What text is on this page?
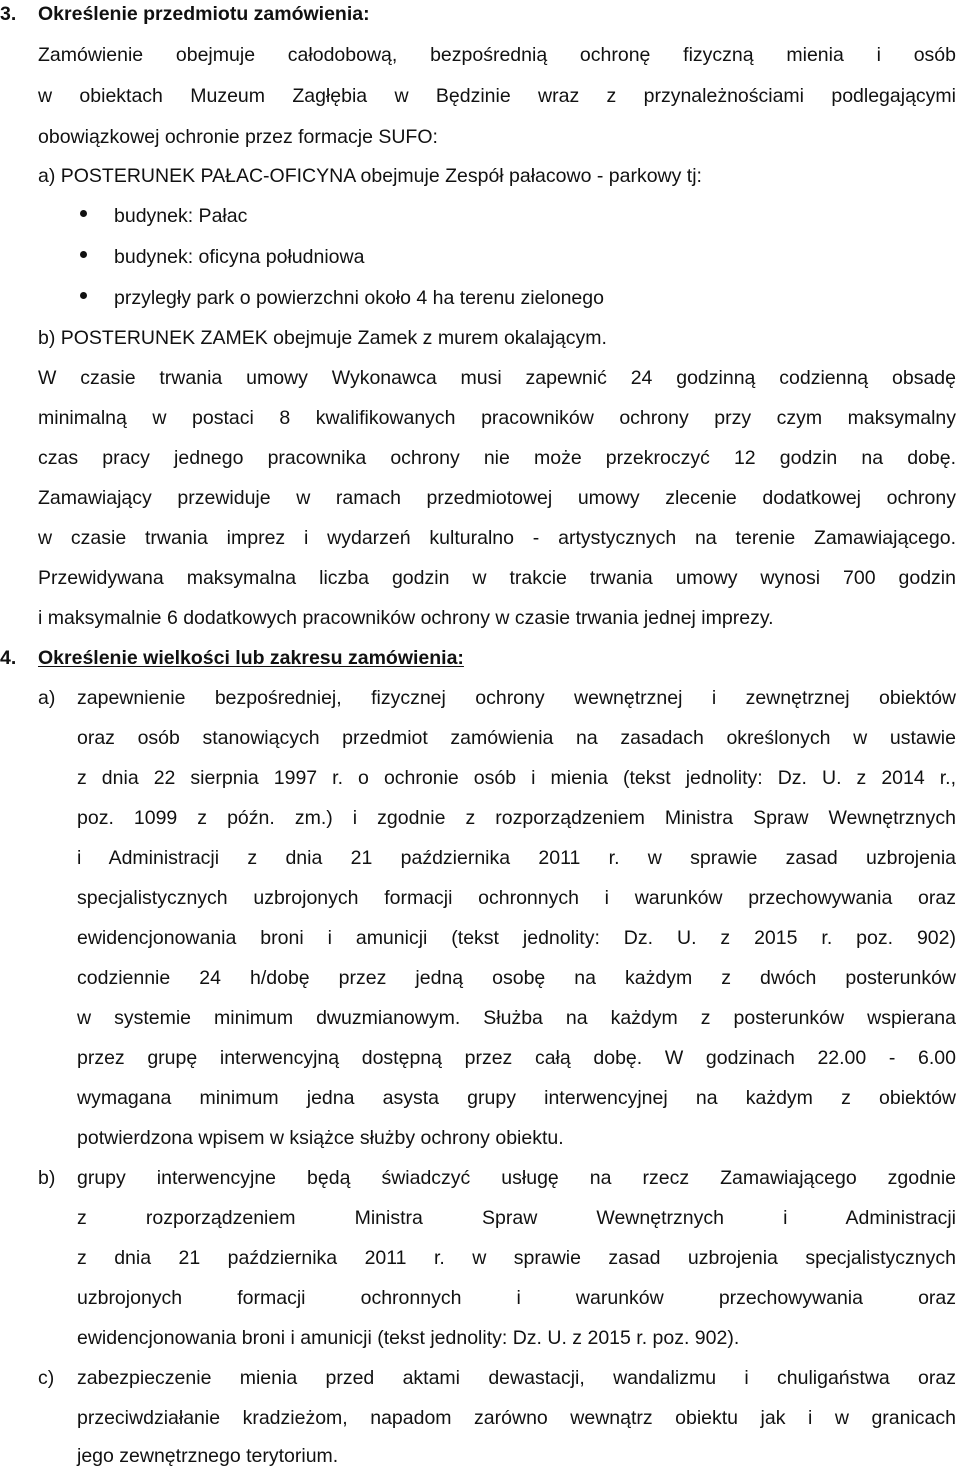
3. Określenie przedmiotu zamówienia:
Zamówienie obejmuje całodobową, bezpośrednią ochronę fizyczną mienia i osób
w obiektach Muzeum Zagłębia w Będzinie wraz z przynależnościami podlegającymi
obowiązkowej ochronie przez formacje SUFO:
a) POSTERUNEK PAŁAC-OFICYNA obejmuje Zespół pałacowo - parkowy tj:
budynek: Pałac
budynek: oficyna południowa
przyległy park o powierzchni około 4 ha terenu zielonego
b) POSTERUNEK ZAMEK obejmuje Zamek z murem okalającym.
W czasie trwania umowy Wykonawca musi zapewnić 24 godzinną codzienną obsadę
minimalną w postaci 8 kwalifikowanych pracowników ochrony przy czym maksymalny
czas pracy jednego pracownika ochrony nie może przekroczyć 12 godzin na dobę.
Zamawiający przewiduje w ramach przedmiotowej umowy zlecenie dodatkowej ochrony
w czasie trwania imprez i wydarzeń kulturalno - artystycznych na terenie Zamawiającego.
Przewidywana maksymalna liczba godzin w trakcie trwania umowy wynosi 700 godzin
i maksymalnie 6 dodatkowych pracowników ochrony w czasie trwania jednej imprezy.
4. Określenie wielkości lub zakresu zamówienia:
a) zapewnienie bezpośredniej, fizycznej ochrony wewnętrznej i zewnętrznej obiektów
oraz osób stanowiących przedmiot zamówienia na zasadach określonych w ustawie
z dnia 22 sierpnia 1997 r. o ochronie osób i mienia (tekst jednolity: Dz. U. z 2014 r.,
poz. 1099 z późn. zm.) i zgodnie z rozporządzeniem Ministra Spraw Wewnętrznych
i Administracji z dnia 21 października 2011 r. w sprawie zasad uzbrojenia
specjalistycznych uzbrojonych formacji ochronnych i warunków przechowywania oraz
ewidencjonowania broni i amunicji (tekst jednolity: Dz. U. z 2015 r. poz. 902)
codziennie 24 h/dobę przez jedną osobę na każdym z dwóch posterunków
w systemie minimum dwuzmianowym. Służba na każdym z posterunków wspierana
przez grupę interwencyjną dostępną przez całą dobę. W godzinach 22.00 - 6.00
wymagana minimum jedna asysta grupy interwencyjnej na każdym z obiektów
potwierdzona wpisem w książce służby ochrony obiektu.
b) grupy interwencyjne będą świadczyć usługę na rzecz Zamawiającego zgodnie
z rozporządzeniem Ministra Spraw Wewnętrznych i Administracji
z dnia 21 października 2011 r. w sprawie zasad uzbrojenia specjalistycznych
uzbrojonych formacji ochronnych i warunków przechowywania oraz
ewidencjonowania broni i amunicji (tekst jednolity: Dz. U. z 2015 r. poz. 902).
c) zabezpieczenie mienia przed aktami dewastacji, wandalizmu i chuligaństwa oraz
przeciwdziałanie kradzieżom, napadom zarówno wewnątrz obiektu jak i w granicach
jego zewnętrznego terytorium.
